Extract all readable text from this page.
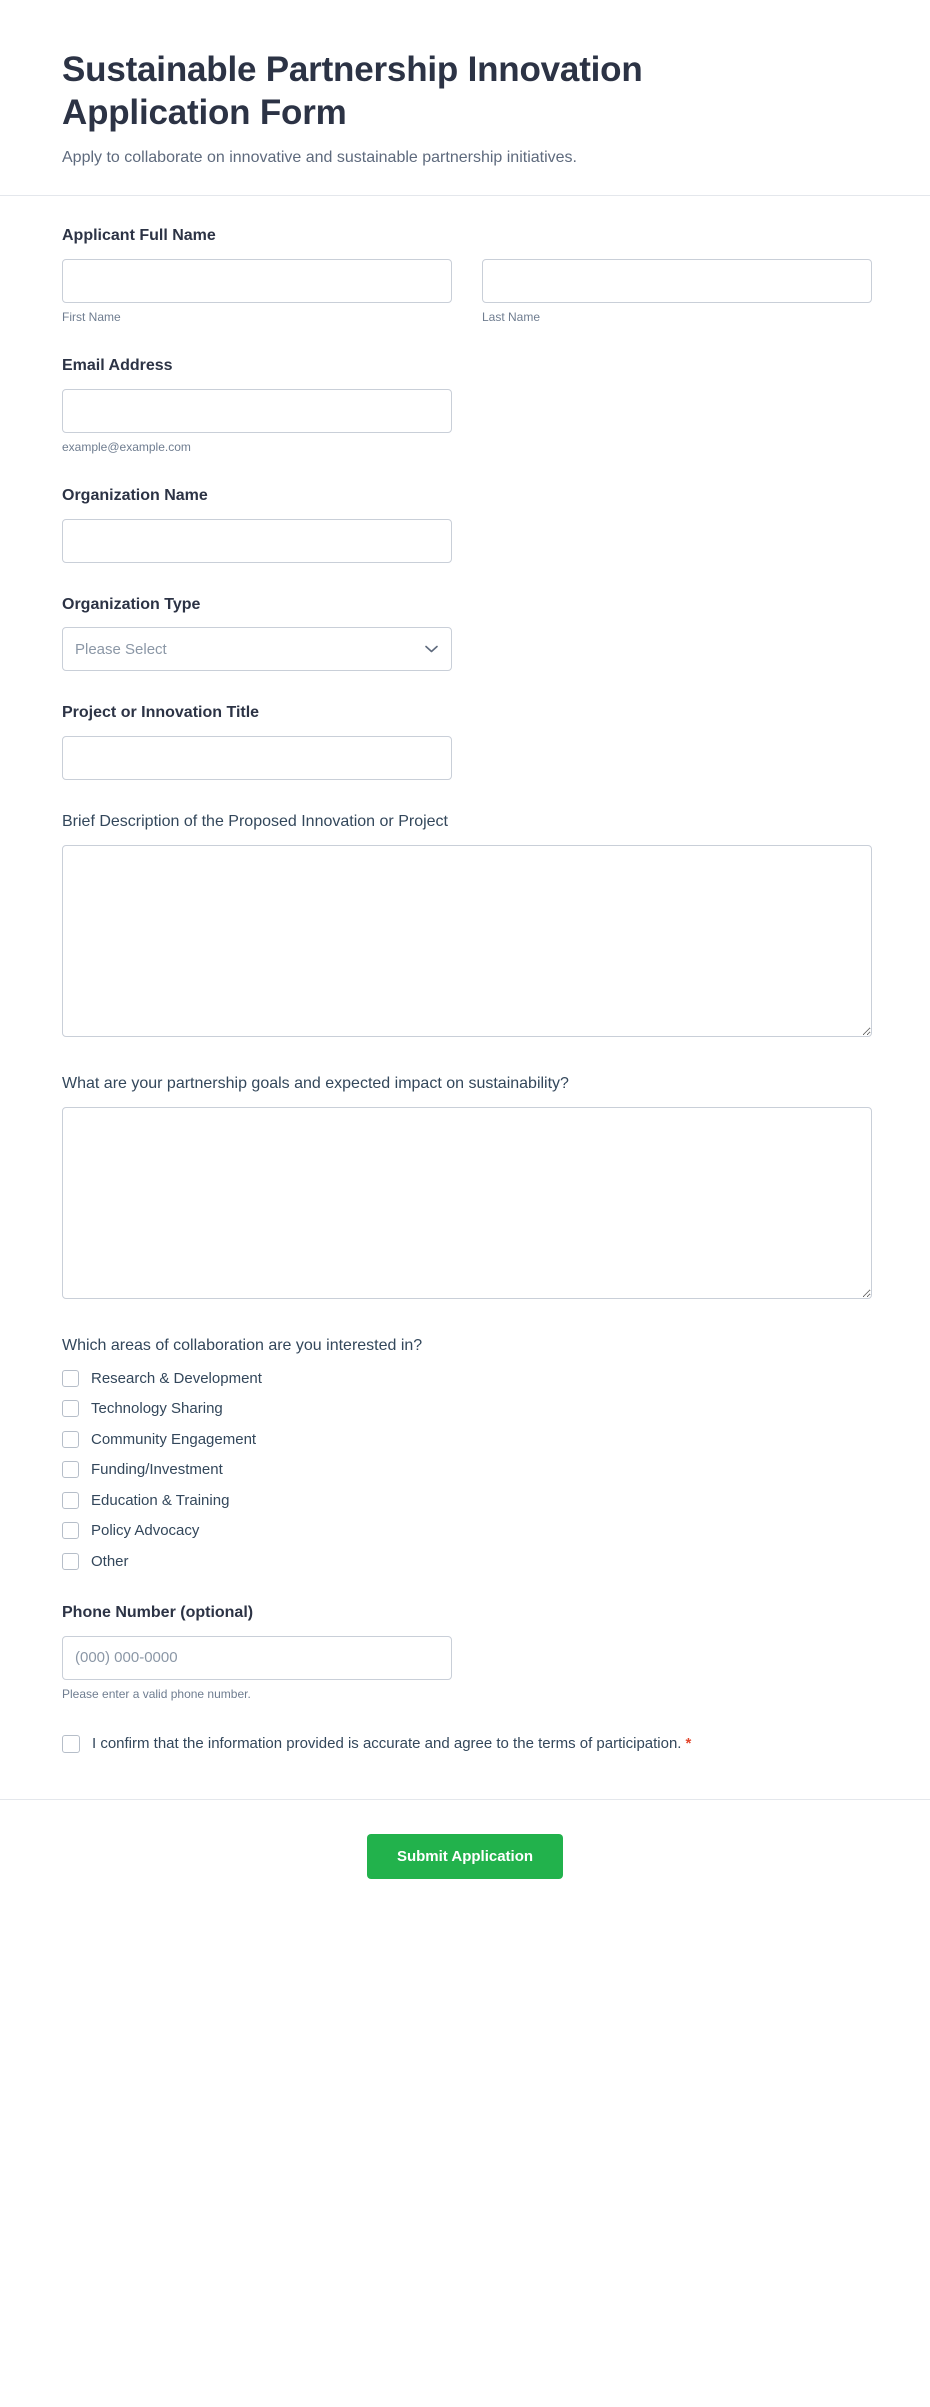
Sustainable Partnership Innovation Application Form

Apply to collaborate on innovative and sustainable partnership initiatives.

Applicant Full Name
First Name	Last Name
Email Address
example@example.com
Organization Name
Organization Type
Please Select
Project or Innovation Title
Brief Description of the Proposed Innovation or Project
What are your partnership goals and expected impact on sustainability?
Which areas of collaboration are you interested in?
Research & Development
Technology Sharing
Community Engagement
Funding/Investment
Education & Training
Policy Advocacy
Other
Phone Number (optional)
(000) 000-0000
Please enter a valid phone number.
I confirm that the information provided is accurate and agree to the terms of participation. *
Submit Application
